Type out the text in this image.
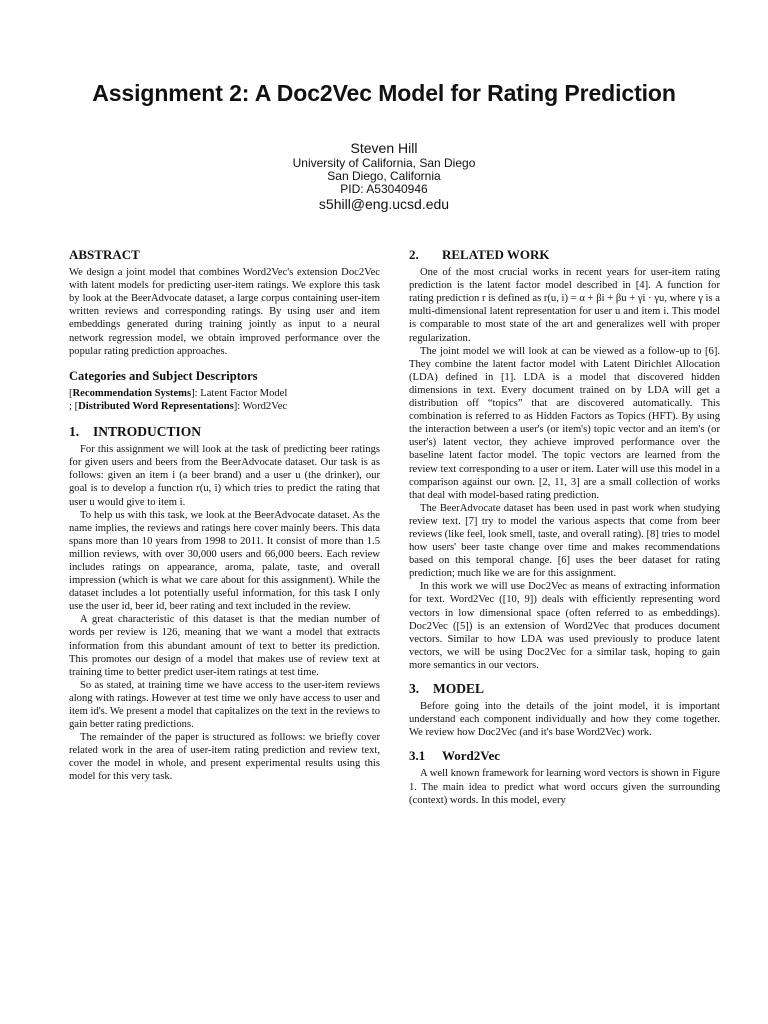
Assignment 2: A Doc2Vec Model for Rating Prediction
Steven Hill
University of California, San Diego
San Diego, California
PID: A53040946
s5hill@eng.ucsd.edu
ABSTRACT

We design a joint model that combines Word2Vec's extension Doc2Vec with latent models for predicting user-item ratings. We explore this task by look at the BeerAdvocate dataset, a large corpus containing user-item written reviews and corresponding ratings. By using user and item embeddings generated during training jointly as input to a neural network regression model, we obtain improved performance over the popular rating prediction approaches.

Categories and Subject Descriptors

[Recommendation Systems]: Latent Factor Model

; [Distributed Word Representations]: Word2Vec

1. INTRODUCTION

For this assignment we will look at the task of predicting beer ratings for given users and beers from the BeerAdvocate dataset. Our task is as follows: given an item i (a beer brand) and a user u (the drinker), our goal is to develop a function r(u, i) which tries to predict the rating that user u would give to item i.

To help us with this task, we look at the BeerAdvocate dataset. As the name implies, the reviews and ratings here cover mainly beers. This data spans more than 10 years from 1998 to 2011. It consist of more than 1.5 million reviews, with over 30,000 users and 66,000 beers. Each review includes ratings on appearance, aroma, palate, taste, and overall impression (which is what we care about for this assignment). While the dataset includes a lot potentially useful information, for this task I only use the user id, beer id, beer rating and text included in the review.

A great characteristic of this dataset is that the median number of words per review is 126, meaning that we want a model that extracts information from this abundant amount of text to better its prediction. This promotes our design of a model that makes use of review text at training time to better predict user-item ratings at test time.

So as stated, at training time we have access to the user-item reviews along with ratings. However at test time we only have access to user and item id's. We present a model that capitalizes on the text in the reviews to gain better rating predictions.

The remainder of the paper is structured as follows: we briefly cover related work in the area of user-item rating prediction and review text, cover the model in whole, and present experimental results using this model for this very task.

2. RELATED WORK

One of the most crucial works in recent years for user-item rating prediction is the latent factor model described in [4]. A function for rating prediction r is defined as r(u, i) = α + βi + βu + γi · γu, where γ is a multi-dimensional latent representation for user u and item i. This model is comparable to most state of the art and generalizes well with proper regularization.

The joint model we will look at can be viewed as a follow-up to [6]. They combine the latent factor model with Latent Dirichlet Allocation (LDA) defined in [1]. LDA is a model that discovered hidden dimensions in text. Every document trained on by LDA will get a distribution off “topics” that are discovered automatically. This combination is referred to as Hidden Factors as Topics (HFT). By using the interaction between a user's (or item's) topic vector and an item's (or user's) latent vector, they achieve improved performance over the baseline latent factor model. The topic vectors are learned from the review text corresponding to a user or item. Later will use this model in a comparison against our own. [2, 11, 3] are a small collection of works that deal with model-based rating prediction.

The BeerAdvocate dataset has been used in past work when studying review text. [7] try to model the various aspects that come from beer reviews (like feel, look smell, taste, and overall rating). [8] tries to model how users' beer taste change over time and makes recommendations based on this temporal change. [6] uses the beer dataset for rating prediction; much like we are for this assignment.

In this work we will use Doc2Vec as means of extracting information for text. Word2Vec ([10, 9]) deals with efficiently representing word vectors in low dimensional space (often referred to as embeddings). Doc2Vec ([5]) is an extension of Word2Vec that produces document vectors. Similar to how LDA was used previously to produce latent vectors, we will be using Doc2Vec for a similar task, hoping to gain more semantics in our vectors.

3. MODEL

Before going into the details of the joint model, it is important understand each component individually and how they come together. We review how Doc2Vec (and it's base Word2Vec) work.

3.1 Word2Vec

A well known framework for learning word vectors is shown in Figure 1. The main idea to predict what word occurs given the surrounding (context) words. In this model, every
